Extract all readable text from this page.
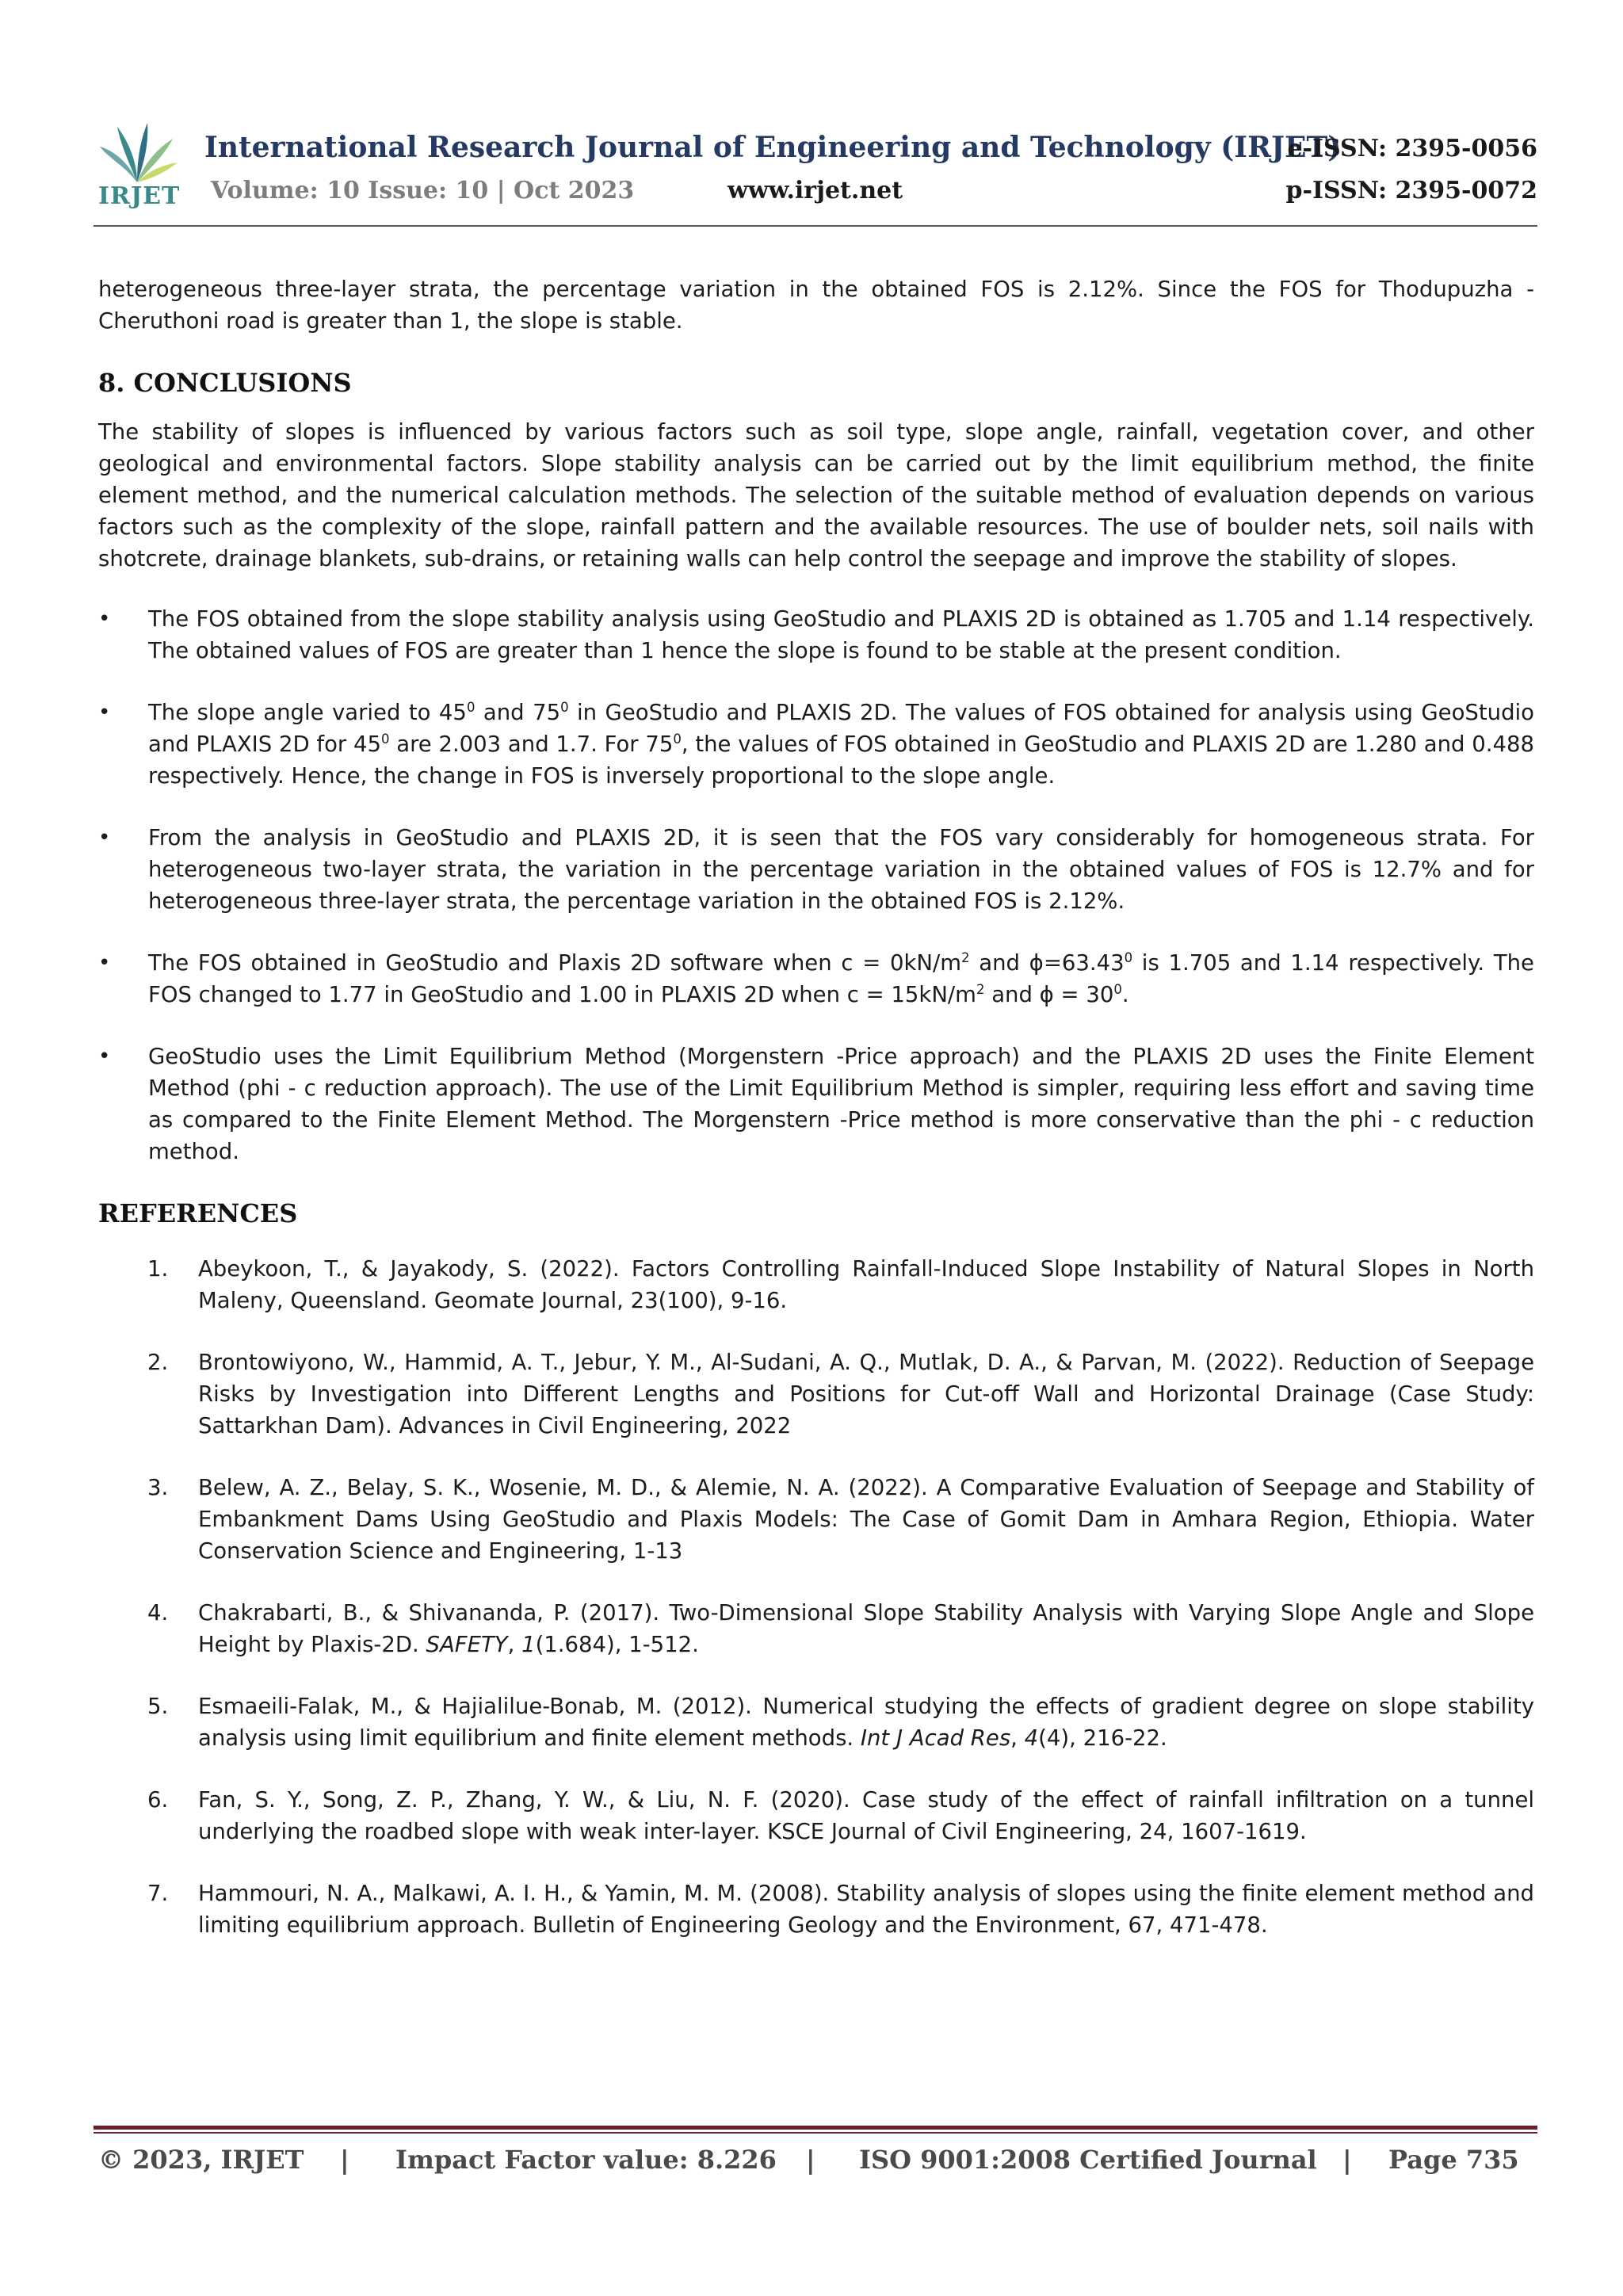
IRJET
International Research Journal of Engineering and Technology (IRJET)
Volume: 10 Issue: 10 | Oct 2023	www.irjet.net
e-ISSN: 2395-0056
p-ISSN: 2395-0072

heterogeneous three-layer strata, the percentage variation in the obtained FOS is 2.12%. Since the FOS for Thodupuzha - Cheruthoni road is greater than 1, the slope is stable.

8. CONCLUSIONS

The stability of slopes is influenced by various factors such as soil type, slope angle, rainfall, vegetation cover, and other geological and environmental factors. Slope stability analysis can be carried out by the limit equilibrium method, the finite element method, and the numerical calculation methods. The selection of the suitable method of evaluation depends on various factors such as the complexity of the slope, rainfall pattern and the available resources. The use of boulder nets, soil nails with shotcrete, drainage blankets, sub-drains, or retaining walls can help control the seepage and improve the stability of slopes.

• The FOS obtained from the slope stability analysis using GeoStudio and PLAXIS 2D is obtained as 1.705 and 1.14 respectively. The obtained values of FOS are greater than 1 hence the slope is found to be stable at the present condition.
• The slope angle varied to $45^0$ and $75^0$ in GeoStudio and PLAXIS 2D. The values of FOS obtained for analysis using GeoStudio and PLAXIS 2D for $45^0$ are 2.003 and 1.7. For $75^0$, the values of FOS obtained in GeoStudio and PLAXIS 2D are 1.280 and 0.488 respectively. Hence, the change in FOS is inversely proportional to the slope angle.
• From the analysis in GeoStudio and PLAXIS 2D, it is seen that the FOS vary considerably for homogeneous strata. For heterogeneous two-layer strata, the variation in the percentage variation in the obtained values of FOS is 12.7% and for heterogeneous three-layer strata, the percentage variation in the obtained FOS is 2.12%.
• The FOS obtained in GeoStudio and Plaxis 2D software when $c = 0kN/m^2$ and $\phi=63.43^0$ is 1.705 and 1.14 respectively. The FOS changed to 1.77 in GeoStudio and 1.00 in PLAXIS 2D when $c = 15kN/m^2$ and $\phi = 30^0$.
• GeoStudio uses the Limit Equilibrium Method (Morgenstern -Price approach) and the PLAXIS 2D uses the Finite Element Method (phi - c reduction approach). The use of the Limit Equilibrium Method is simpler, requiring less effort and saving time as compared to the Finite Element Method. The Morgenstern -Price method is more conservative than the phi - c reduction method.
REFERENCES
1. Abeykoon, T., & Jayakody, S. (2022). Factors Controlling Rainfall-Induced Slope Instability of Natural Slopes in North Maleny, Queensland. Geomate Journal, 23(100), 9-16.
2. Brontowiyono, W., Hammid, A. T., Jebur, Y. M., Al-Sudani, A. Q., Mutlak, D. A., & Parvan, M. (2022). Reduction of Seepage Risks by Investigation into Different Lengths and Positions for Cut-off Wall and Horizontal Drainage (Case Study: Sattarkhan Dam). Advances in Civil Engineering, 2022
3. Belew, A. Z., Belay, S. K., Wosenie, M. D., & Alemie, N. A. (2022). A Comparative Evaluation of Seepage and Stability of Embankment Dams Using GeoStudio and Plaxis Models: The Case of Gomit Dam in Amhara Region, Ethiopia. Water Conservation Science and Engineering, 1-13
4. Chakrabarti, B., & Shivananda, P. (2017). Two-Dimensional Slope Stability Analysis with Varying Slope Angle and Slope Height by Plaxis-2D. SAFETY, 1(1.684), 1-512.
5. Esmaeili-Falak, M., & Hajialilue-Bonab, M. (2012). Numerical studying the effects of gradient degree on slope stability analysis using limit equilibrium and finite element methods. Int J Acad Res, 4(4), 216-22.
6. Fan, S. Y., Song, Z. P., Zhang, Y. W., & Liu, N. F. (2020). Case study of the effect of rainfall infiltration on a tunnel underlying the roadbed slope with weak inter-layer. KSCE Journal of Civil Engineering, 24, 1607-1619.
7. Hammouri, N. A., Malkawi, A. I. H., & Yamin, M. M. (2008). Stability analysis of slopes using the finite element method and limiting equilibrium approach. Bulletin of Engineering Geology and the Environment, 67, 471-478.
© 2023, IRJET | Impact Factor value: 8.226 | ISO 9001:2008 Certified Journal | Page 735
